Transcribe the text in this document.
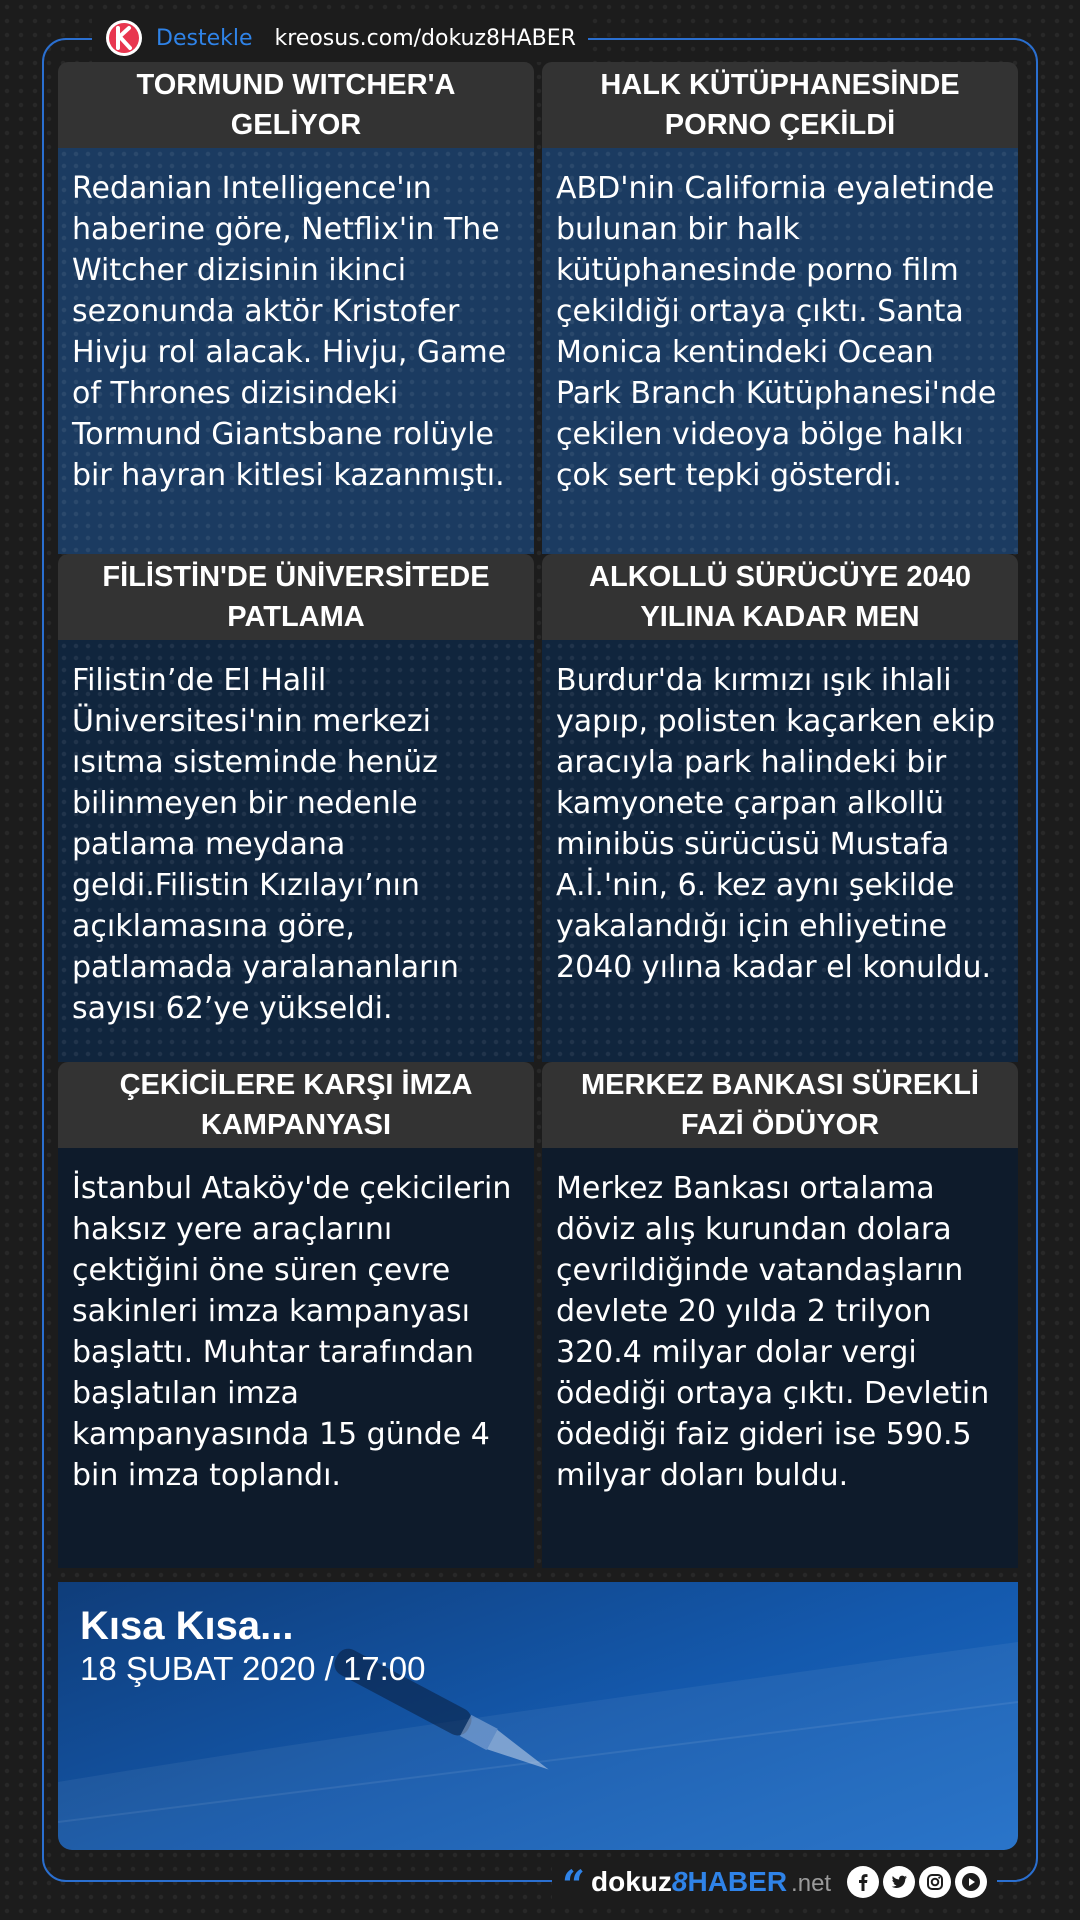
Destekle kreosus.com/dokuz8HABER
TORMUND WITCHER'A GELİYOR
Redanian Intelligence'ın haberine göre, Netflix'in The Witcher dizisinin ikinci sezonunda aktör Kristofer Hivju rol alacak. Hivju, Game of Thrones dizisindeki Tormund Giantsbane rolüyle bir hayran kitlesi kazanmıştı.
HALK KÜTÜPHANESİNDE PORNO ÇEKİLDİ
ABD'nin California eyaletinde bulunan bir halk kütüphanesinde porno film çekildiği ortaya çıktı. Santa Monica kentindeki Ocean Park Branch Kütüphanesi'nde çekilen videoya bölge halkı çok sert tepki gösterdi.
FİLİSTİN'DE ÜNİVERSİTEDE PATLAMA
Filistin’de El Halil Üniversitesi'nin merkezi ısıtma sisteminde henüz bilinmeyen bir nedenle patlama meydana geldi.Filistin Kızılayı’nın açıklamasına göre, patlamada yaralananların sayısı 62’ye yükseldi.
ALKOLLÜ SÜRÜCÜYE 2040 YILINA KADAR MEN
Burdur'da kırmızı ışık ihlali yapıp, polisten kaçarken ekip aracıyla park halindeki bir kamyonete çarpan alkollü minibüs sürücüsü Mustafa A.İ.'nin, 6. kez aynı şekilde yakalandığı için ehliyetine 2040 yılına kadar el konuldu.
ÇEKİCİLERE KARŞI İMZA KAMPANYASI
İstanbul Ataköy'de çekicilerin haksız yere araçlarını çektiğini öne süren çevre sakinleri imza kampanyası başlattı. Muhtar tarafından başlatılan imza kampanyasında 15 günde 4 bin imza toplandı.
MERKEZ BANKASI SÜREKLİ FAZİ ÖDÜYOR
Merkez Bankası ortalama döviz alış kurundan dolara çevrildiğinde vatandaşların devlete 20 yılda 2 trilyon 320.4 milyar dolar vergi ödediği ortaya çıktı. Devletin ödediği faiz gideri ise 590.5 milyar doları buldu.
Kısa Kısa...
18 ŞUBAT 2020 / 17:00
“ dokuz 8 HABER .net
